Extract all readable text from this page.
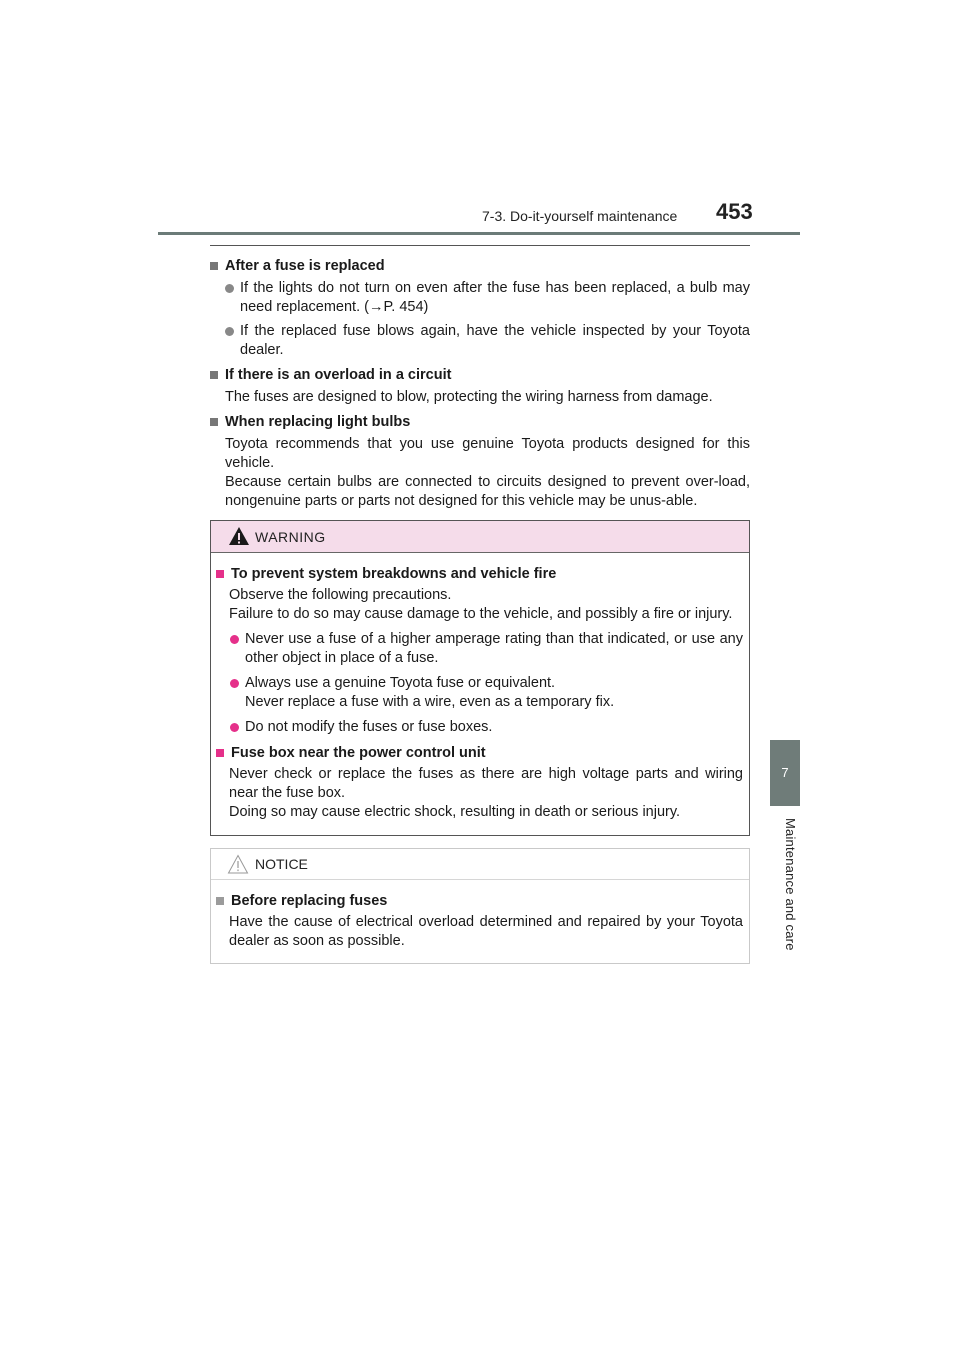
7-3. Do-it-yourself maintenance 453
7
Maintenance and care
After a fuse is replaced
If the lights do not turn on even after the fuse has been replaced, a bulb may need replacement. (→P. 454)
If the replaced fuse blows again, have the vehicle inspected by your Toyota dealer.
If there is an overload in a circuit

The fuses are designed to blow, protecting the wiring harness from damage.

When replacing light bulbs

Toyota recommends that you use genuine Toyota products designed for this vehicle.

Because certain bulbs are connected to circuits designed to prevent over-load, nongenuine parts or parts not designed for this vehicle may be unus-able.

WARNING
To prevent system breakdowns and vehicle fire

Observe the following precautions.

Failure to do so may cause damage to the vehicle, and possibly a fire or injury.

Never use a fuse of a higher amperage rating than that indicated, or use any other object in place of a fuse.
Always use a genuine Toyota fuse or equivalent.
Never replace a fuse with a wire, even as a temporary fix.
Do not modify the fuses or fuse boxes.
Fuse box near the power control unit

Never check or replace the fuses as there are high voltage parts and wiring near the fuse box.

Doing so may cause electric shock, resulting in death or serious injury.

NOTICE
Before replacing fuses

Have the cause of electrical overload determined and repaired by your Toyota dealer as soon as possible.
